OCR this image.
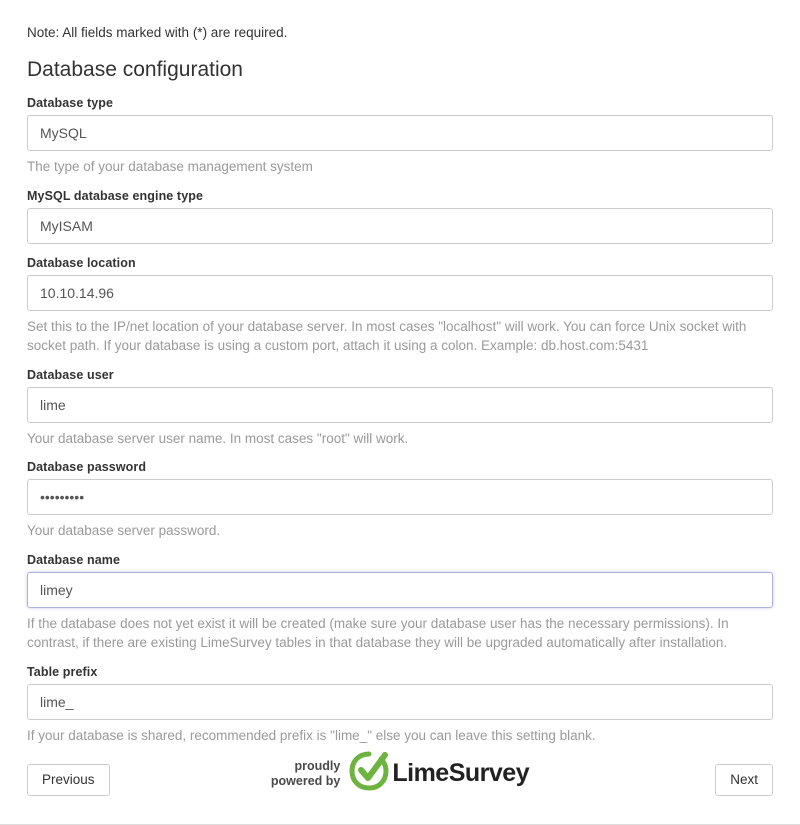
Note: All fields marked with (*) are required.
Database configuration
Database type
MySQL
The type of your database management system
MySQL database engine type
MyISAM
Database location
10.10.14.96
Set this to the IP/net location of your database server. In most cases "localhost" will work. You can force Unix socket with socket path. If your database is using a custom port, attach it using a colon. Example: db.host.com:5431
Database user
lime
Your database server user name. In most cases "root" will work.
Database password
•••••••••
Your database server password.
Database name
limey
If the database does not yet exist it will be created (make sure your database user has the necessary permissions). In contrast, if there are existing LimeSurvey tables in that database they will be upgraded automatically after installation.
Table prefix
lime_
If your database is shared, recommended prefix is "lime_" else you can leave this setting blank.
Previous	Next
proudly
powered by LimeSurvey
